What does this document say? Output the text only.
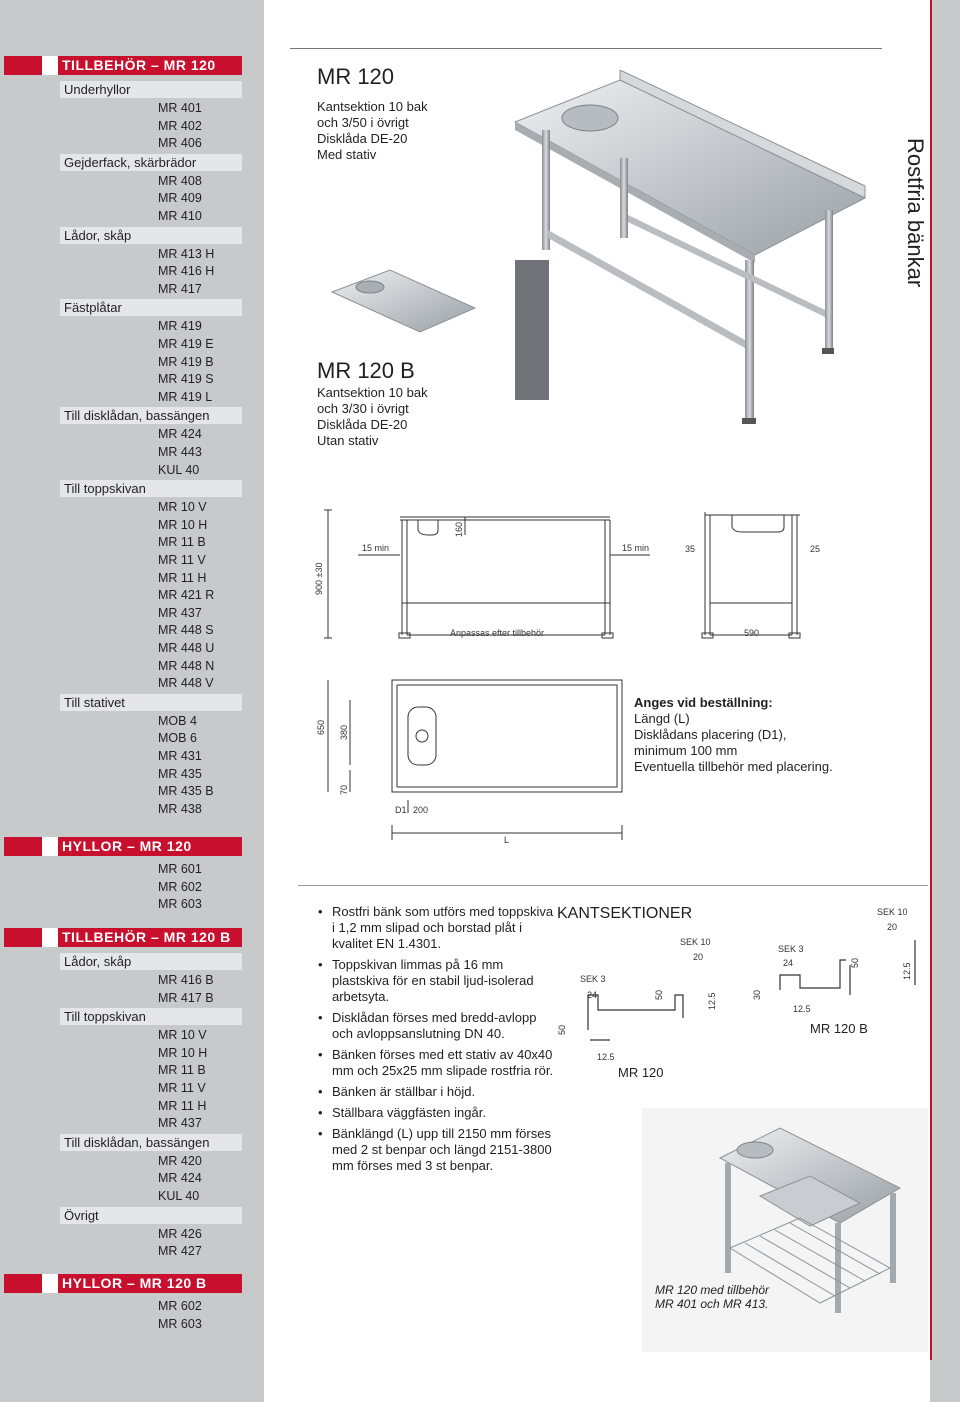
TILLBEHÖR – MR 120
Underhyllor
MR 401
MR 402
MR 406
Gejderfack, skärbrädor
MR 408
MR 409
MR 410
Lådor, skåp
MR 413 H
MR 416 H
MR 417
Fästplåtar
MR 419
MR 419 E
MR 419 B
MR 419 S
MR 419 L
Till disklådan, bassängen
MR 424
MR 443
KUL 40
Till toppskivan
MR 10 V
MR 10 H
MR 11 B
MR 11 V
MR 11 H
MR 421 R
MR 437
MR 448 S
MR 448 U
MR 448 N
MR 448 V
Till stativet
MOB 4
MOB 6
MR 431
MR 435
MR 435 B
MR 438
HYLLOR – MR 120
MR 601
MR 602
MR 603
TILLBEHÖR – MR 120 B
Lådor, skåp
MR 416 B
MR 417 B
Till toppskivan
MR 10 V
MR 10 H
MR 11 B
MR 11 V
MR 11 H
MR 437
Till disklådan, bassängen
MR 420
MR 424
KUL 40
Övrigt
MR 426
MR 427
HYLLOR – MR 120 B
MR 602
MR 603
MR 120
Kantsektion 10 bak
och 3/50 i övrigt
Disklåda DE-20
Med stativ
MR 120 B
Kantsektion 10 bak
och 3/30 i övrigt
Disklåda DE-20
Utan stativ
Rostfria bänkar
900 ±30
160
15 min	15 min
Anpassas efter tillbehör
35	25
590
650 380
70
D1 200
L
Anges vid beställning:
Längd (L)
Disklådans placering (D1),
minimum 100 mm
Eventuella tillbehör med placering.
• Rostfri bänk som utförs med toppskiva i 1,2 mm slipad och borstad plåt i kvalitet EN 1.4301.
• Toppskivan limmas på 16 mm plastskiva för en stabil ljud-isolerad arbetsyta.
• Disklådan förses med bredd-avlopp och avloppsanslutning DN 40.
• Bänken förses med ett stativ av 40x40 mm och 25x25 mm slipade rostfria rör.
• Bänken är ställbar i höjd.
• Ställbara väggfästen ingår.
• Bänklängd (L) upp till 2150 mm förses med 2 st benpar och längd 2151-3800 mm förses med 3 st benpar.
KANTSEKTIONER
SEK 3
24
50
12.5
SEK 10
20
50	12.5
SEK 3
24
30
12.5
50
SEK 10
20
12.5
MR 120
MR 120 B
MR 120 med tillbehör
MR 401 och MR 413.
